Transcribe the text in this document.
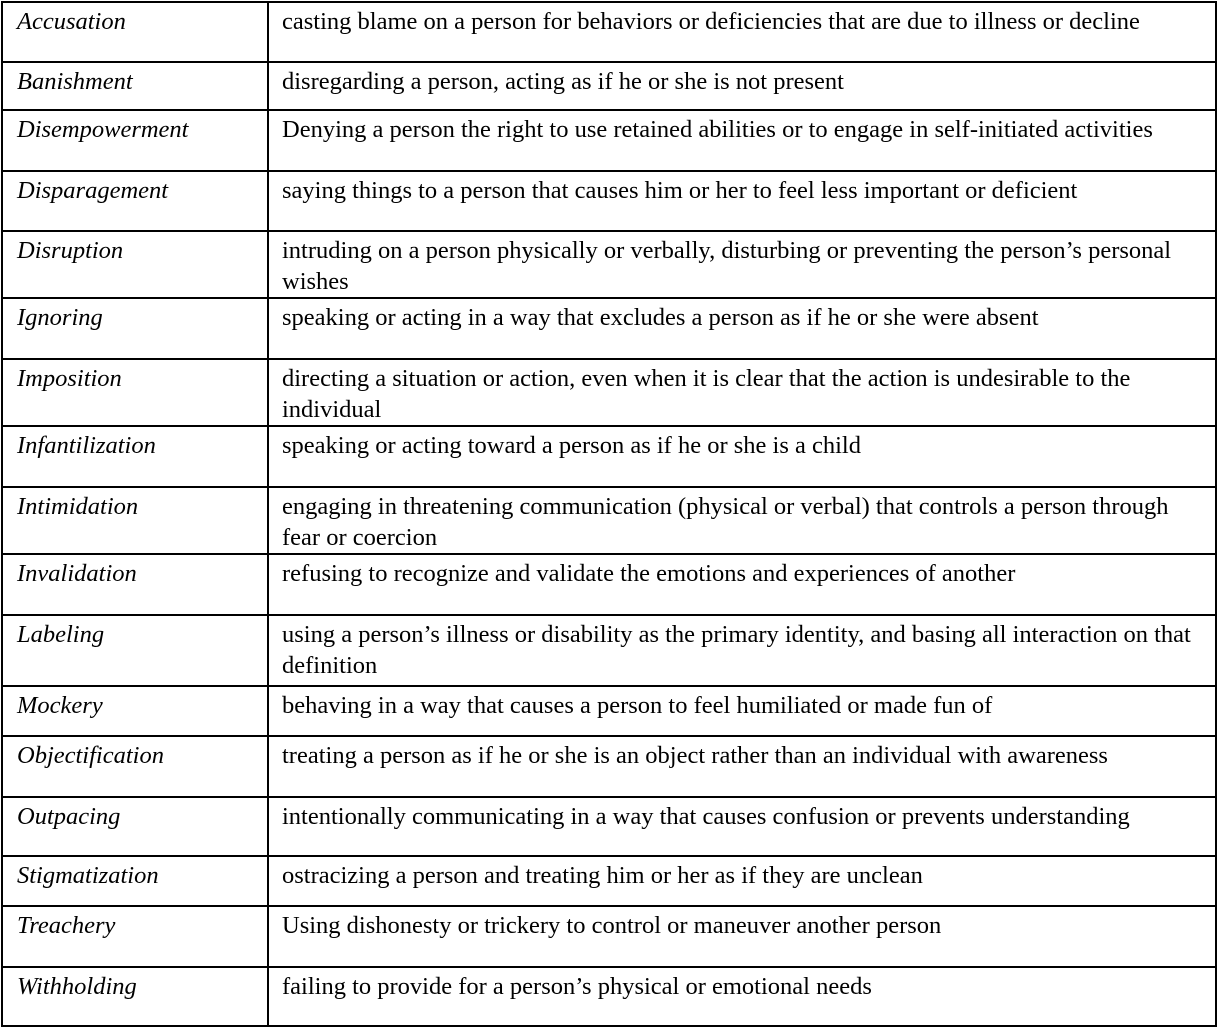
Accusation	casting blame on a person for behaviors or deficiencies that are due to illness or decline

Banishment	disregarding a person, acting as if he or she is not present

Disempowerment	Denying a person the right to use retained abilities or to engage in self-initiated activities

Disparagement	saying things to a person that causes him or her to feel less important or deficient

Disruption	intruding on a person physically or verbally, disturbing or preventing the person’s personal wishes

Ignoring	speaking or acting in a way that excludes a person as if he or she were absent

Imposition	directing a situation or action, even when it is clear that the action is undesirable to the individual

Infantilization	speaking or acting toward a person as if he or she is a child

Intimidation	engaging in threatening communication (physical or verbal) that controls a person through fear or coercion

Invalidation	refusing to recognize and validate the emotions and experiences of another

Labeling	using a person’s illness or disability as the primary identity, and basing all interaction on that definition

Mockery	behaving in a way that causes a person to feel humiliated or made fun of

Objectification	treating a person as if he or she is an object rather than an individual with awareness

Outpacing	intentionally communicating in a way that causes confusion or prevents understanding

Stigmatization	ostracizing a person and treating him or her as if they are unclean

Treachery	Using dishonesty or trickery to control or maneuver another person

Withholding	failing to provide for a person’s physical or emotional needs
